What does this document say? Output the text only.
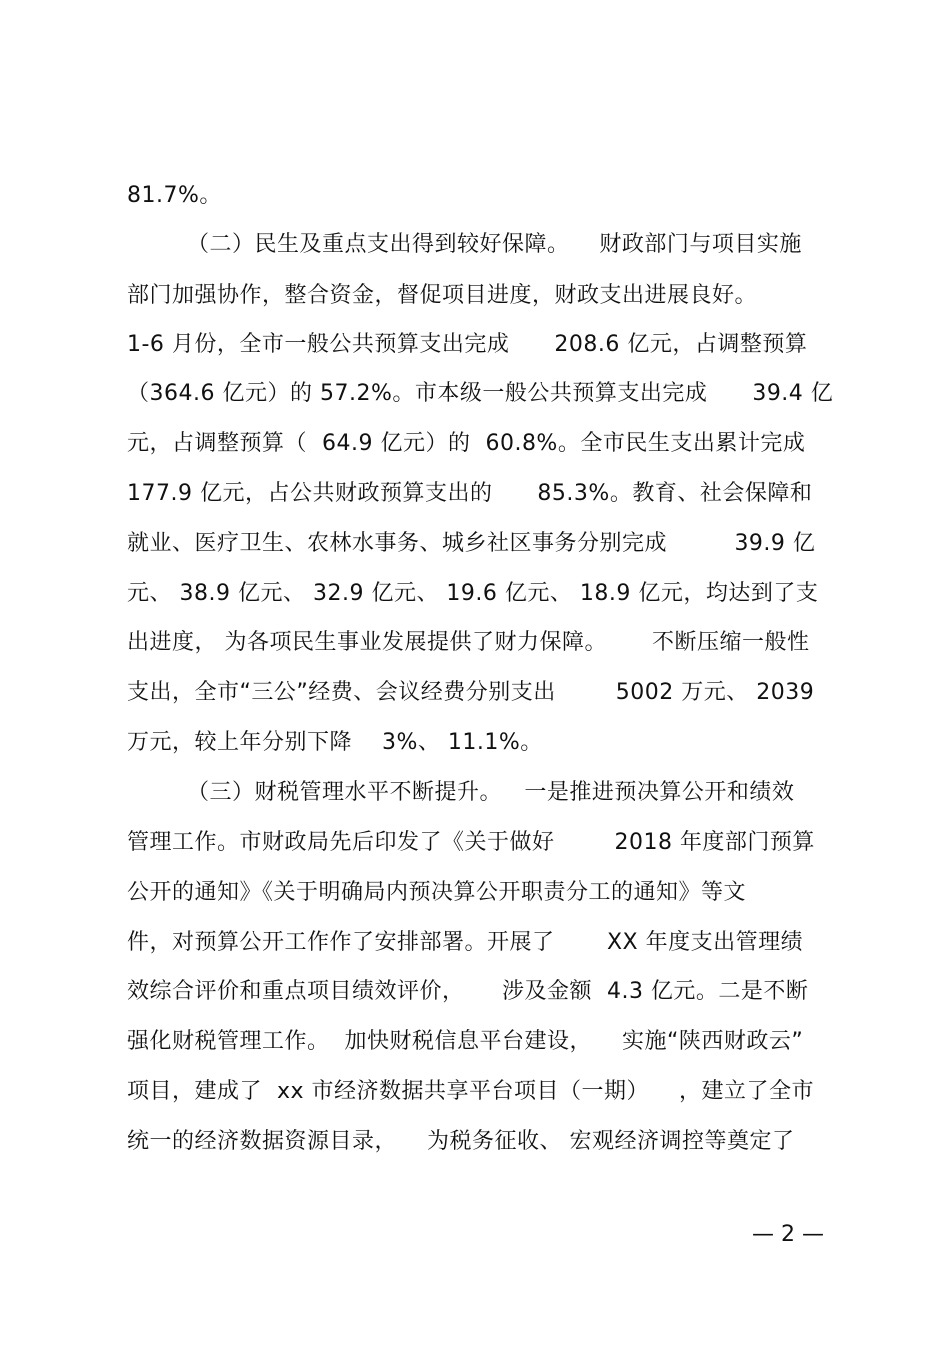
81.7%。
（二）民生及重点支出得到较好保障。    财政部门与项目实施
部门加强协作，整合资金，督促项目进度，财政支出进展良好。
1-6 月份，全市一般公共预算支出完成      208.6 亿元，占调整预算
（364.6 亿元）的 57.2%。市本级一般公共预算支出完成      39.4 亿
元，占调整预算（  64.9 亿元）的  60.8%。全市民生支出累计完成
177.9 亿元，占公共财政预算支出的      85.3%。教育、社会保障和
就业、医疗卫生、农林水事务、城乡社区事务分别完成         39.9 亿
元、 38.9 亿元、 32.9 亿元、 19.6 亿元、 18.9 亿元，均达到了支
出进度， 为各项民生事业发展提供了财力保障。      不断压缩一般性
支出，全市“三公”经费、会议经费分别支出        5002 万元、 2039
万元，较上年分别下降    3%、 11.1%。
（三）财税管理水平不断提升。   一是推进预决算公开和绩效
管理工作。市财政局先后印发了《关于做好        2018 年度部门预算
公开的通知》《关于明确局内预决算公开职责分工的通知》等文
件，对预算公开工作作了安排部署。开展了       XX 年度支出管理绩
效综合评价和重点项目绩效评价，     涉及金额  4.3 亿元。二是不断
强化财税管理工作。  加快财税信息平台建设，    实施“陕西财政云”
项目，建成了  xx 市经济数据共享平台项目（一期）    ，建立了全市
统一的经济数据资源目录，    为税务征收、 宏观经济调控等奠定了
— 2 —
